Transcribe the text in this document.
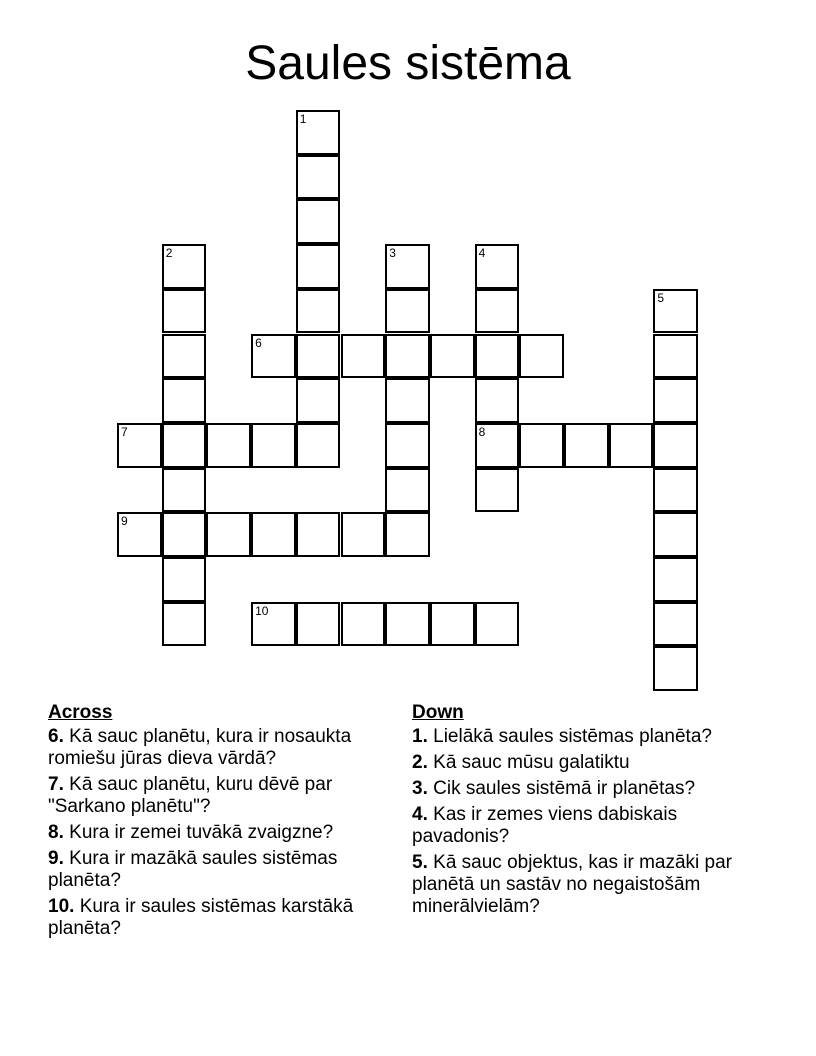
Saules sistēma
1
2	3	4
8
5
6
7
9
10
Across
6. Kā sauc planētu, kura ir nosaukta romiešu jūras dieva vārdā?
7. Kā sauc planētu, kuru dēvē par "Sarkano planētu"?
8. Kura ir zemei tuvākā zvaigzne?
9. Kura ir mazākā saules sistēmas planēta?
10. Kura ir saules sistēmas karstākā planēta?
Down
1. Lielākā saules sistēmas planēta?
2. Kā sauc mūsu galatiktu
3. Cik saules sistēmā ir planētas?
4. Kas ir zemes viens dabiskais pavadonis?
5. Kā sauc objektus, kas ir mazāki par planētā un sastāv no negaistošām minerālvielām?
